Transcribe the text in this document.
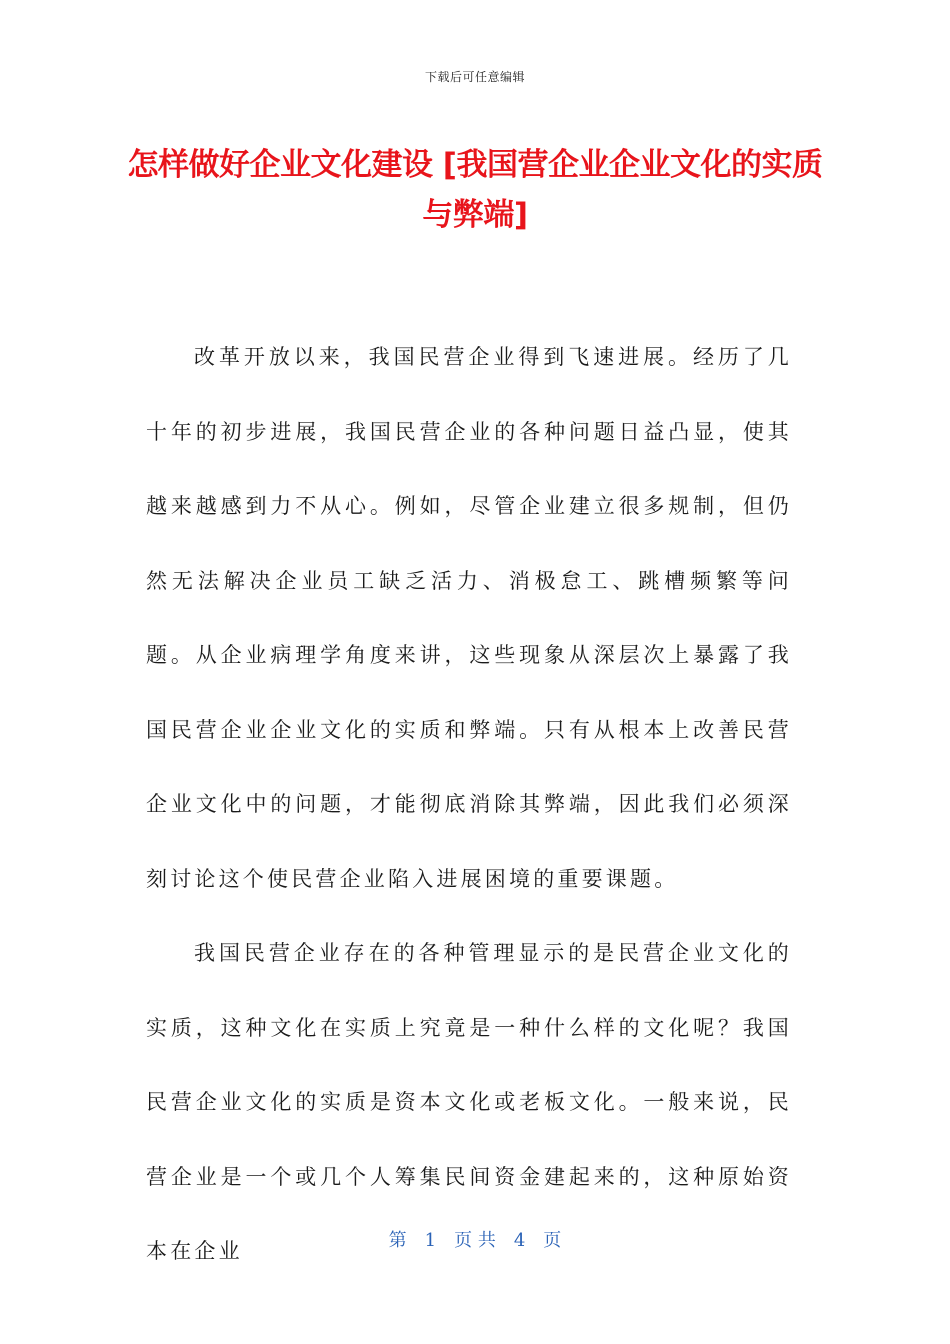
下载后可任意编辑
怎样做好企业文化建设 [我国营企业企业文化的实质与弊端]

改革开放以来，我国民营企业得到飞速进展。经历了几十年的初步进展，我国民营企业的各种问题日益凸显，使其越来越感到力不从心。例如，尽管企业建立很多规制，但仍然无法解决企业员工缺乏活力、消极怠工、跳槽频繁等问题。从企业病理学角度来讲，这些现象从深层次上暴露了我国民营企业企业文化的实质和弊端。只有从根本上改善民营企业文化中的问题，才能彻底消除其弊端，因此我们必须深刻讨论这个使民营企业陷入进展困境的重要课题。

我国民营企业存在的各种管理显示的是民营企业文化的实质，这种文化在实质上究竟是一种什么样的文化呢？我国民营企业文化的实质是资本文化或老板文化。一般来说，民营企业是一个或几个人筹集民间资金建起来的，这种原始资本在企业	第　1　页 共　4　页
